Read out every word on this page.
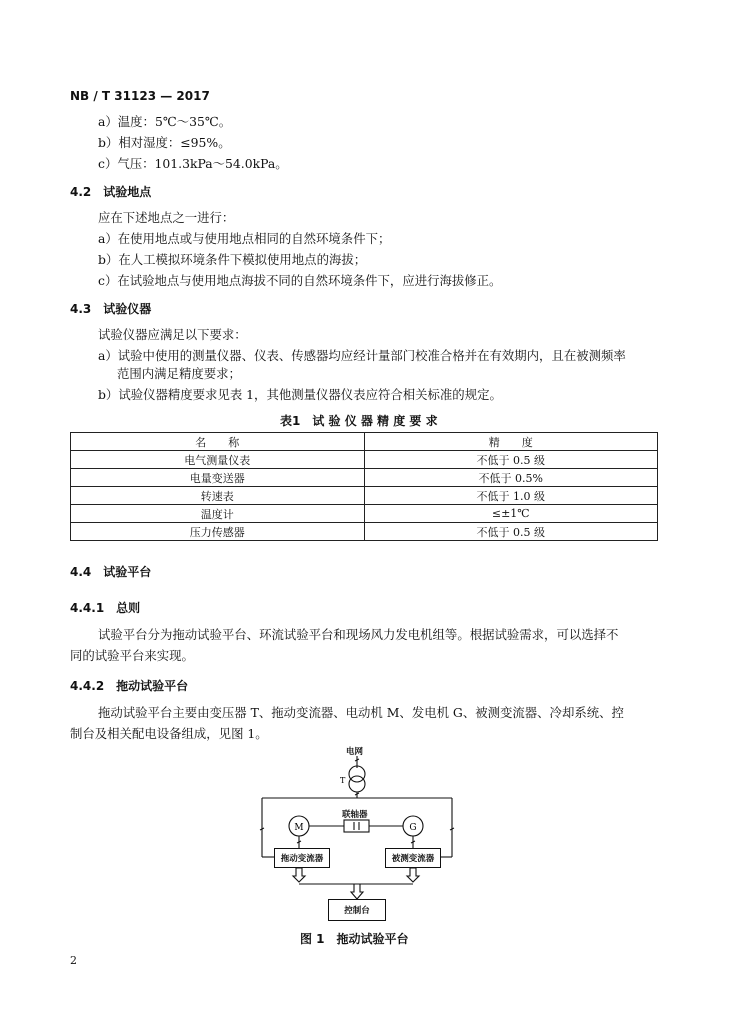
NB / T 31123 — 2017
a）温度：5℃～35℃。
b）相对湿度：≤95%。
c）气压：101.3kPa～54.0kPa。
4.2　试验地点
应在下述地点之一进行：
a）在使用地点或与使用地点相同的自然环境条件下；
b）在人工模拟环境条件下模拟使用地点的海拔；
c）在试验地点与使用地点海拔不同的自然环境条件下，应进行海拔修正。
4.3　试验仪器
试验仪器应满足以下要求：
a）试验中使用的测量仪器、仪表、传感器均应经计量部门校准合格并在有效期内，且在被测频率
范围内满足精度要求；
b）试验仪器精度要求见表 1，其他测量仪器仪表应符合相关标准的规定。
表1　试 验 仪 器 精 度 要 求
名　　称	精　　度
电气测量仪表	不低于 0.5 级
电量变送器	不低于 0.5%
转速表	不低于 1.0 级
温度计	≤±1℃
压力传感器	不低于 0.5 级
4.4　试验平台
4.4.1　总则
试验平台分为拖动试验平台、环流试验平台和现场风力发电机组等。根据试验需求，可以选择不
同的试验平台来实现。
4.4.2　拖动试验平台
拖动试验平台主要由变压器 T、拖动变流器、电动机 M、发电机 G、被测变流器、冷却系统、控
制台及相关配电设备组成，见图 1。
M	G
T
电网
联轴器
拖动变流器	被测变流器
控制台
图 1　拖动试验平台
2
